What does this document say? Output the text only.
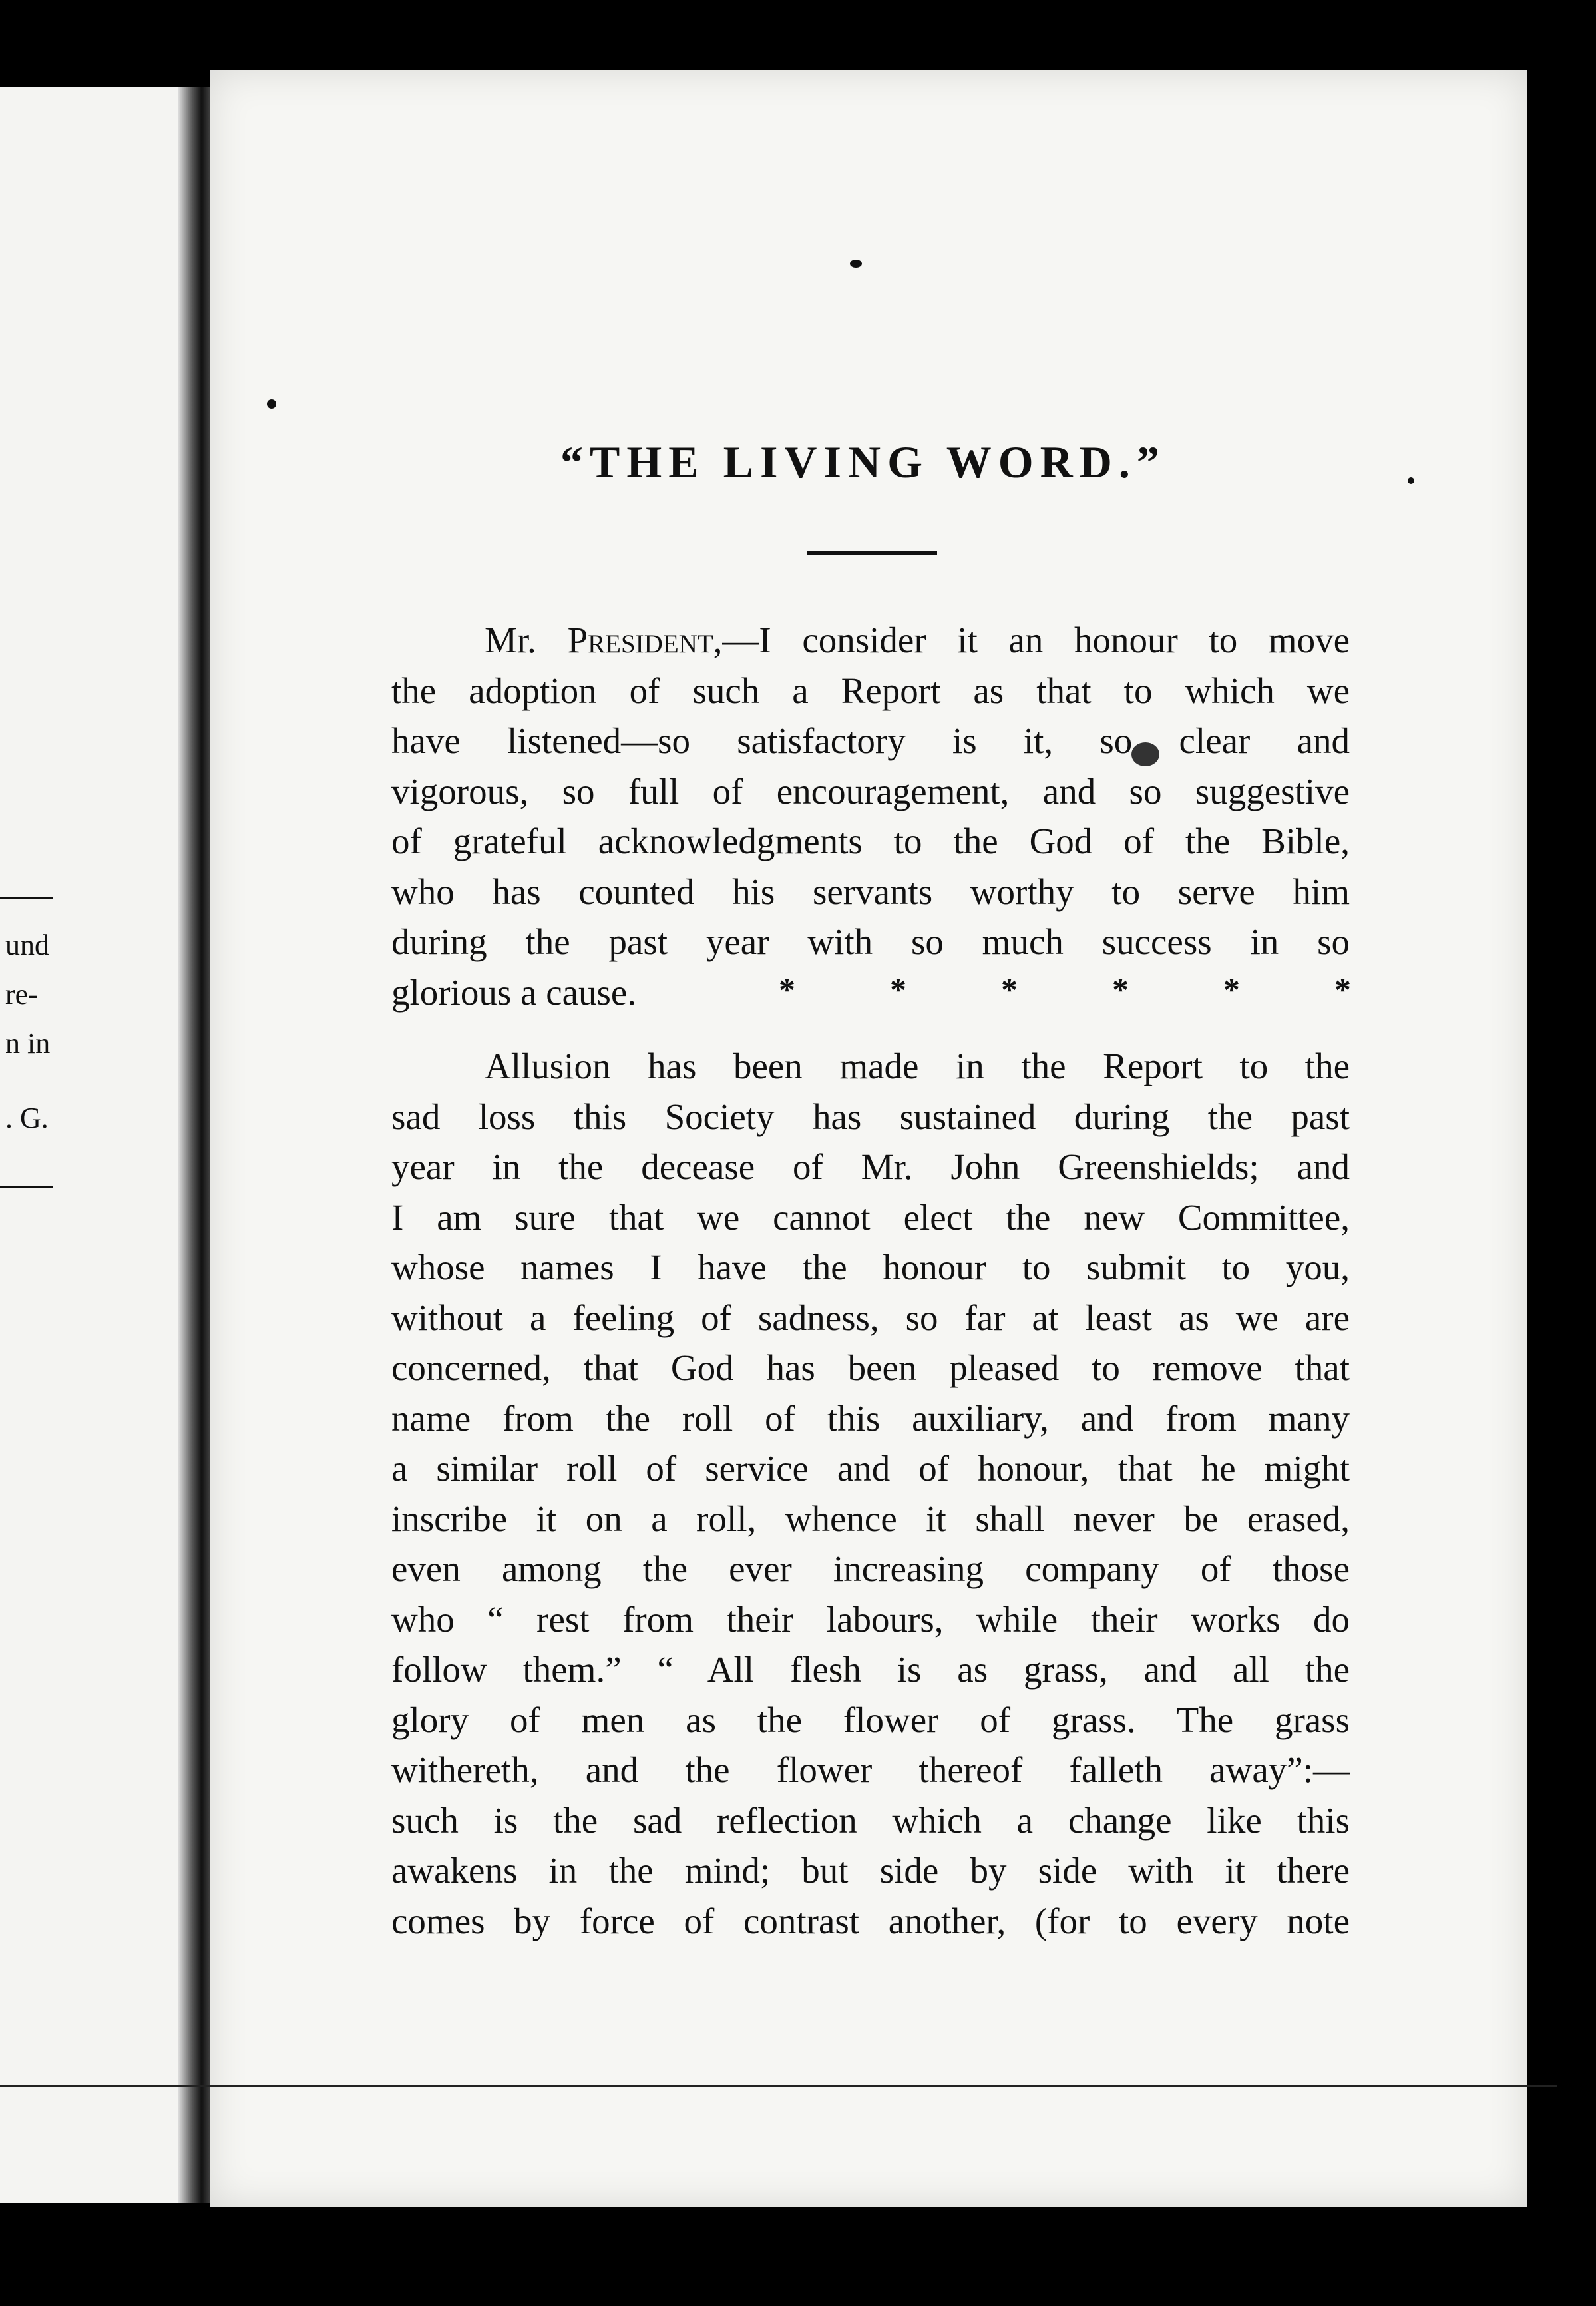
und
re-
n in
. G.
“THE LIVING WORD.”
Mr. President,—I consider it an honour to move
the adoption of such a Report as that to which we
have listened—so satisfactory is it, so clear and
vigorous, so full of encouragement, and so suggestive
of grateful acknowledgments to the God of the Bible,
who has counted his servants worthy to serve him
during the past year with so much success in so
glorious a cause.
Allusion has been made in the Report to the
sad loss this Society has sustained during the past
year in the decease of Mr. John Greenshields; and
I am sure that we cannot elect the new Committee,
whose names I have the honour to submit to you,
without a feeling of sadness, so far at least as we are
concerned, that God has been pleased to remove that
name from the roll of this auxiliary, and from many
a similar roll of service and of honour, that he might
inscribe it on a roll, whence it shall never be erased,
even among the ever increasing company of those
who “ rest from their labours, while their works do
follow them.” “ All flesh is as grass, and all the
glory of men as the flower of grass. The grass
withereth, and the flower thereof falleth away”:—
such is the sad reflection which a change like this
awakens in the mind; but side by side with it there
comes by force of contrast another, (for to every note
*	*	*	*	*	*
